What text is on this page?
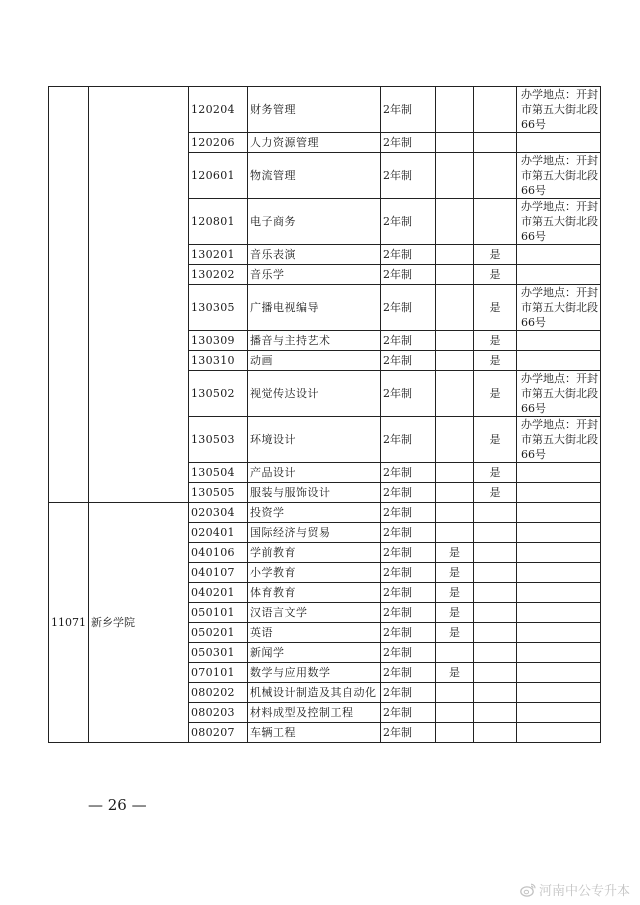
		120204	财务管理	2年制			办学地点：开封市第五大街北段66号
		120206	人力资源管理	2年制			
		120601	物流管理	2年制			办学地点：开封市第五大街北段66号
		120801	电子商务	2年制			办学地点：开封市第五大街北段66号
		130201	音乐表演	2年制		是	
		130202	音乐学	2年制		是	
		130305	广播电视编导	2年制		是	办学地点：开封市第五大街北段66号
		130309	播音与主持艺术	2年制		是	
		130310	动画	2年制		是	
		130502	视觉传达设计	2年制		是	办学地点：开封市第五大街北段66号
		130503	环境设计	2年制		是	办学地点：开封市第五大街北段66号
		130504	产品设计	2年制		是	
		130505	服装与服饰设计	2年制		是	
11071	新乡学院	020304	投资学	2年制			
		020401	国际经济与贸易	2年制			
		040106	学前教育	2年制	是		
		040107	小学教育	2年制	是		
		040201	体育教育	2年制	是		
		050101	汉语言文学	2年制	是		
		050201	英语	2年制	是		
		050301	新闻学	2年制			
		070101	数学与应用数学	2年制	是		
		080202	机械设计制造及其自动化	2年制			
		080203	材料成型及控制工程	2年制			
		080207	车辆工程	2年制			
— 26 —
河南中公专升本
